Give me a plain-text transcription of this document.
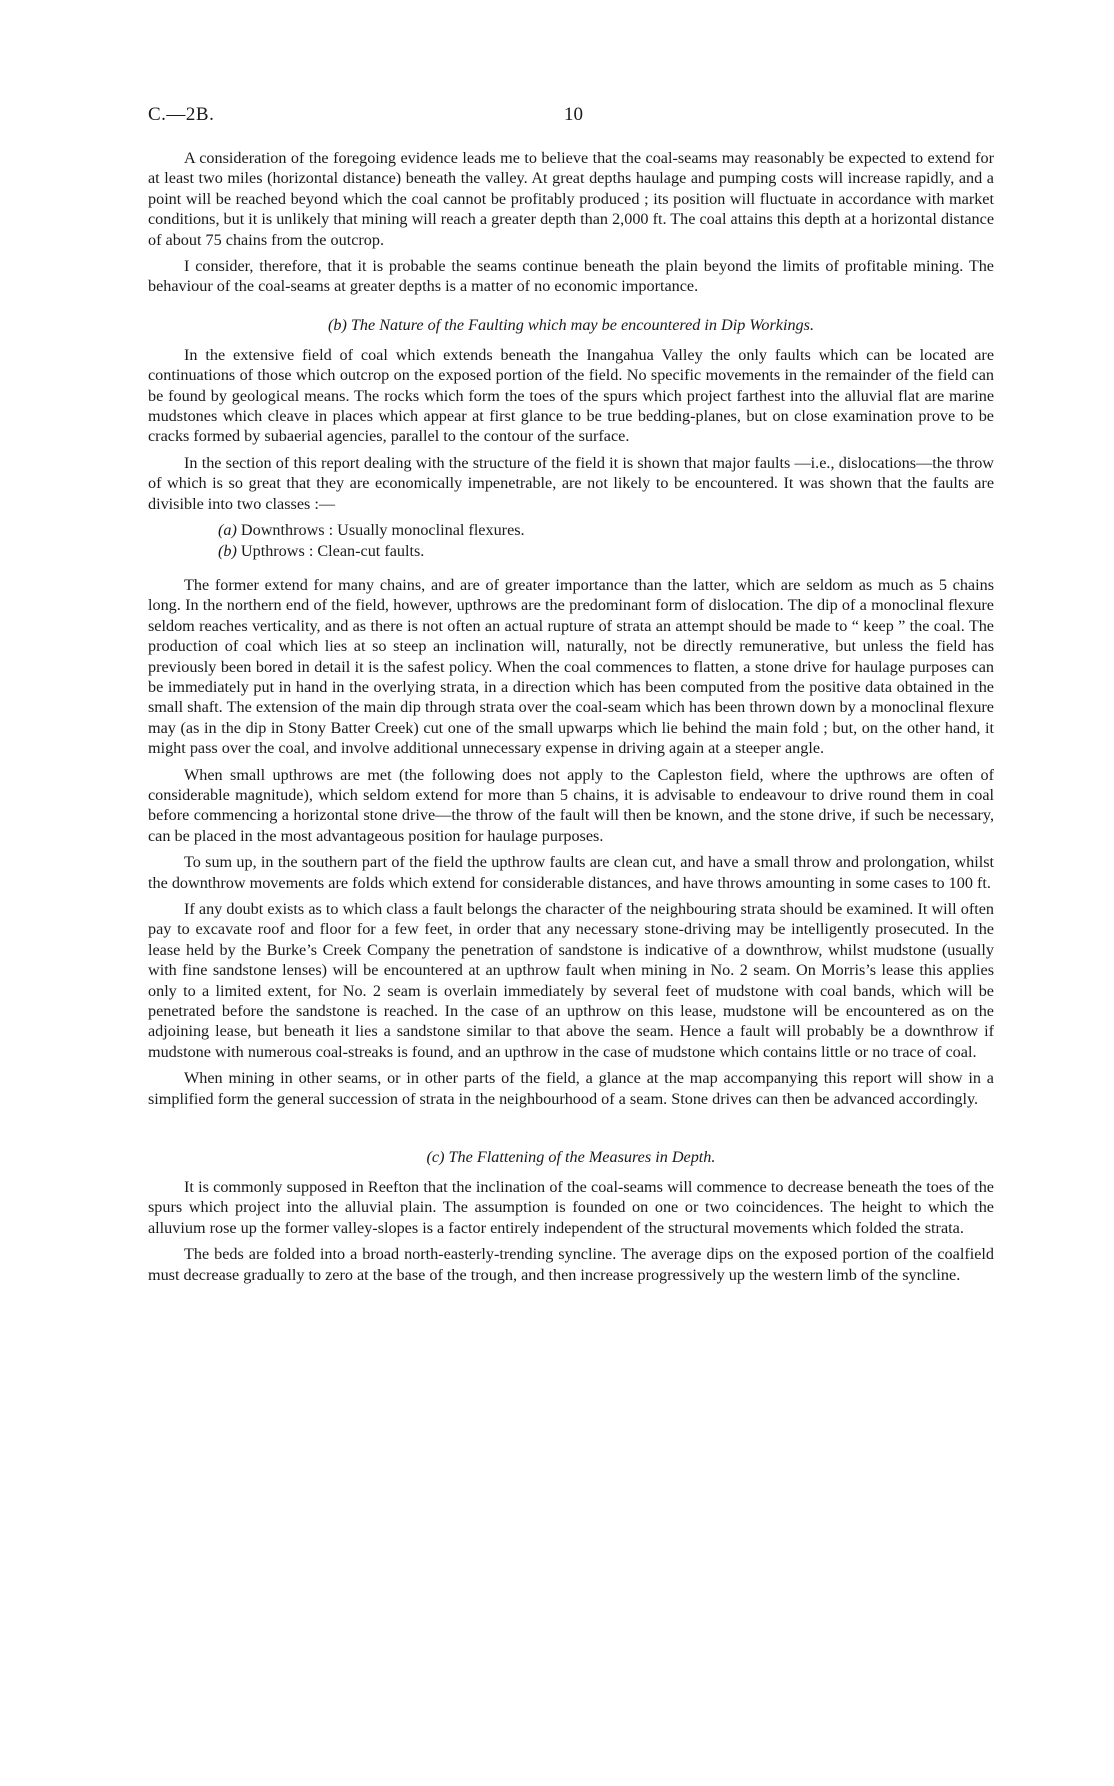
C.—2B.	10

A consideration of the foregoing evidence leads me to believe that the coal-seams may reasonably be expected to extend for at least two miles (horizontal distance) beneath the valley. At great depths haulage and pumping costs will increase rapidly, and a point will be reached beyond which the coal cannot be profitably produced ; its position will fluctuate in accordance with market conditions, but it is unlikely that mining will reach a greater depth than 2,000 ft. The coal attains this depth at a horizontal distance of about 75 chains from the outcrop.

I consider, therefore, that it is probable the seams continue beneath the plain beyond the limits of profitable mining. The behaviour of the coal-seams at greater depths is a matter of no economic importance.

(b) The Nature of the Faulting which may be encountered in Dip Workings.

In the extensive field of coal which extends beneath the Inangahua Valley the only faults which can be located are continuations of those which outcrop on the exposed portion of the field. No specific movements in the remainder of the field can be found by geological means. The rocks which form the toes of the spurs which project farthest into the alluvial flat are marine mudstones which cleave in places which appear at first glance to be true bedding-planes, but on close examination prove to be cracks formed by subaerial agencies, parallel to the contour of the surface.

In the section of this report dealing with the structure of the field it is shown that major faults —i.e., dislocations—the throw of which is so great that they are economically impenetrable, are not likely to be encountered. It was shown that the faults are divisible into two classes :—

(a) Downthrows : Usually monoclinal flexures.
(b) Upthrows : Clean-cut faults.

The former extend for many chains, and are of greater importance than the latter, which are seldom as much as 5 chains long. In the northern end of the field, however, upthrows are the predominant form of dislocation. The dip of a monoclinal flexure seldom reaches verticality, and as there is not often an actual rupture of strata an attempt should be made to “ keep ” the coal. The production of coal which lies at so steep an inclination will, naturally, not be directly remunerative, but unless the field has previously been bored in detail it is the safest policy. When the coal commences to flatten, a stone drive for haulage purposes can be immediately put in hand in the overlying strata, in a direction which has been computed from the positive data obtained in the small shaft. The extension of the main dip through strata over the coal-seam which has been thrown down by a monoclinal flexure may (as in the dip in Stony Batter Creek) cut one of the small upwarps which lie behind the main fold ; but, on the other hand, it might pass over the coal, and involve additional unnecessary expense in driving again at a steeper angle.

When small upthrows are met (the following does not apply to the Capleston field, where the upthrows are often of considerable magnitude), which seldom extend for more than 5 chains, it is advisable to endeavour to drive round them in coal before commencing a horizontal stone drive—the throw of the fault will then be known, and the stone drive, if such be necessary, can be placed in the most advantageous position for haulage purposes.

To sum up, in the southern part of the field the upthrow faults are clean cut, and have a small throw and prolongation, whilst the downthrow movements are folds which extend for considerable distances, and have throws amounting in some cases to 100 ft.

If any doubt exists as to which class a fault belongs the character of the neighbouring strata should be examined. It will often pay to excavate roof and floor for a few feet, in order that any necessary stone-driving may be intelligently prosecuted. In the lease held by the Burke’s Creek Company the penetration of sandstone is indicative of a downthrow, whilst mudstone (usually with fine sandstone lenses) will be encountered at an upthrow fault when mining in No. 2 seam. On Morris’s lease this applies only to a limited extent, for No. 2 seam is overlain immediately by several feet of mudstone with coal bands, which will be penetrated before the sandstone is reached. In the case of an upthrow on this lease, mudstone will be encountered as on the adjoining lease, but beneath it lies a sandstone similar to that above the seam. Hence a fault will probably be a downthrow if mudstone with numerous coal-streaks is found, and an upthrow in the case of mudstone which contains little or no trace of coal.

When mining in other seams, or in other parts of the field, a glance at the map accompanying this report will show in a simplified form the general succession of strata in the neighbourhood of a seam. Stone drives can then be advanced accordingly.

(c) The Flattening of the Measures in Depth.

It is commonly supposed in Reefton that the inclination of the coal-seams will commence to decrease beneath the toes of the spurs which project into the alluvial plain. The assumption is founded on one or two coincidences. The height to which the alluvium rose up the former valley-slopes is a factor entirely independent of the structural movements which folded the strata.

The beds are folded into a broad north-easterly-trending syncline. The average dips on the exposed portion of the coalfield must decrease gradually to zero at the base of the trough, and then increase progressively up the western limb of the syncline.
